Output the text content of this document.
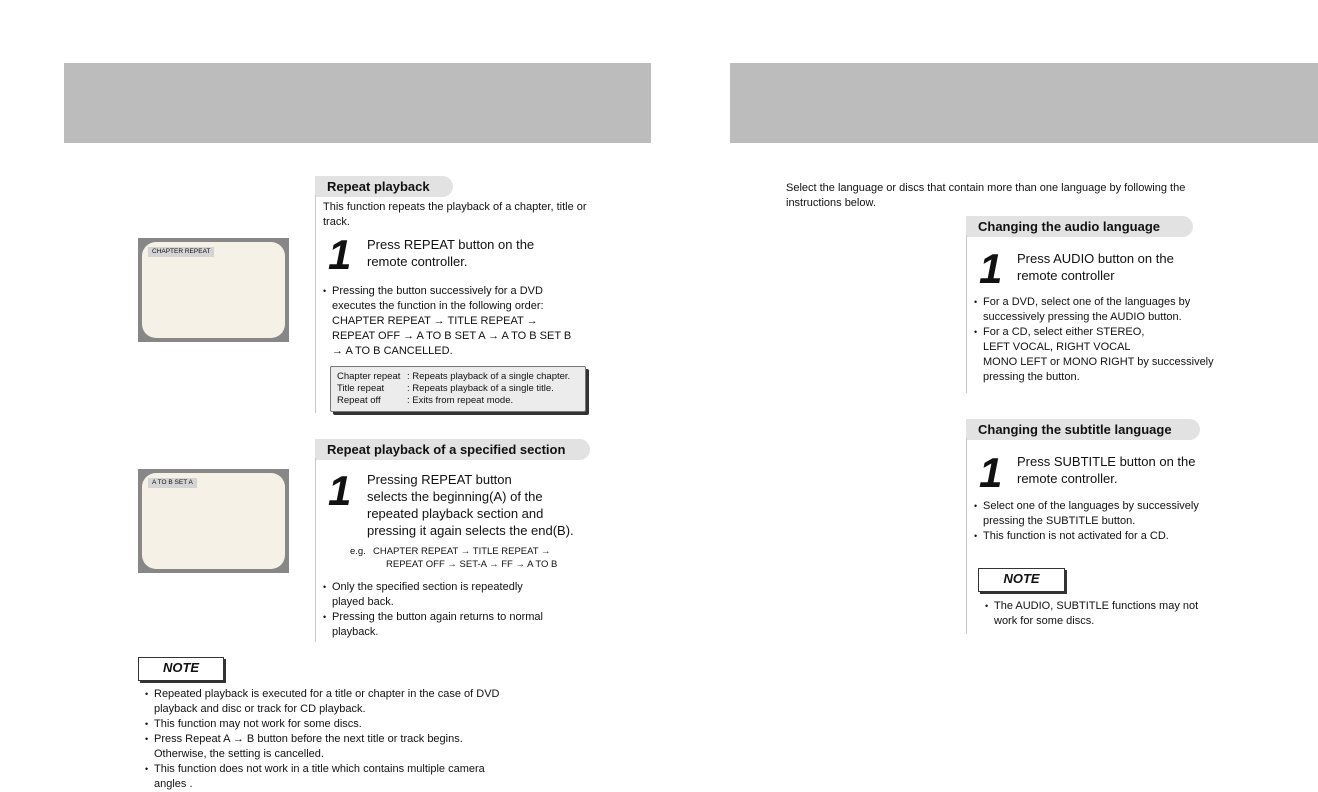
Repeat playback

This function repeats the playback of a chapter, title or track.

1 Press REPEAT button on the
remote controller.
• Pressing the button successively for a DVD
executes the function in the following order:
CHAPTER REPEAT → TITLE REPEAT →
REPEAT OFF → A TO B SET A → A TO B SET B
→ A TO B CANCELLED.
Chapter repeat : Repeats playback of a single chapter.
Title repeat	: Repeats playback of a single title.
Repeat off	: Exits from repeat mode.
CHAPTER REPEAT
Repeat playback of a specified section
1 Pressing REPEAT button
selects the beginning(A) of the
repeated playback section and
pressing it again selects the end(B).
e.g. CHAPTER REPEAT → TITLE REPEAT →
REPEAT OFF → SET-A → FF → A TO B
• Only the specified section is repeatedly
played back.
• Pressing the button again returns to normal
playback.
A TO B SET A
NOTE
• Repeated playback is executed for a title or chapter in the case of DVD
playback and disc or track for CD playback.
• This function may not work for some discs.
• Press Repeat A → B button before the next title or track begins.
Otherwise, the setting is cancelled.
• This function does not work in a title which contains multiple camera
angles .
Select the language or discs that contain more than one language by following the
instructions below.
Changing the audio language
1 Press AUDIO button on the
remote controller
• For a DVD, select one of the languages by
successively pressing the AUDIO button.
• For a CD, select either STEREO,
LEFT VOCAL, RIGHT VOCAL
MONO LEFT or MONO RIGHT by successively
pressing the button.
Changing the subtitle language
1 Press SUBTITLE button on the
remote controller.
• Select one of the languages by successively
pressing the SUBTITLE button.
• This function is not activated for a CD.
NOTE
• The AUDIO, SUBTITLE functions may not
work for some discs.
